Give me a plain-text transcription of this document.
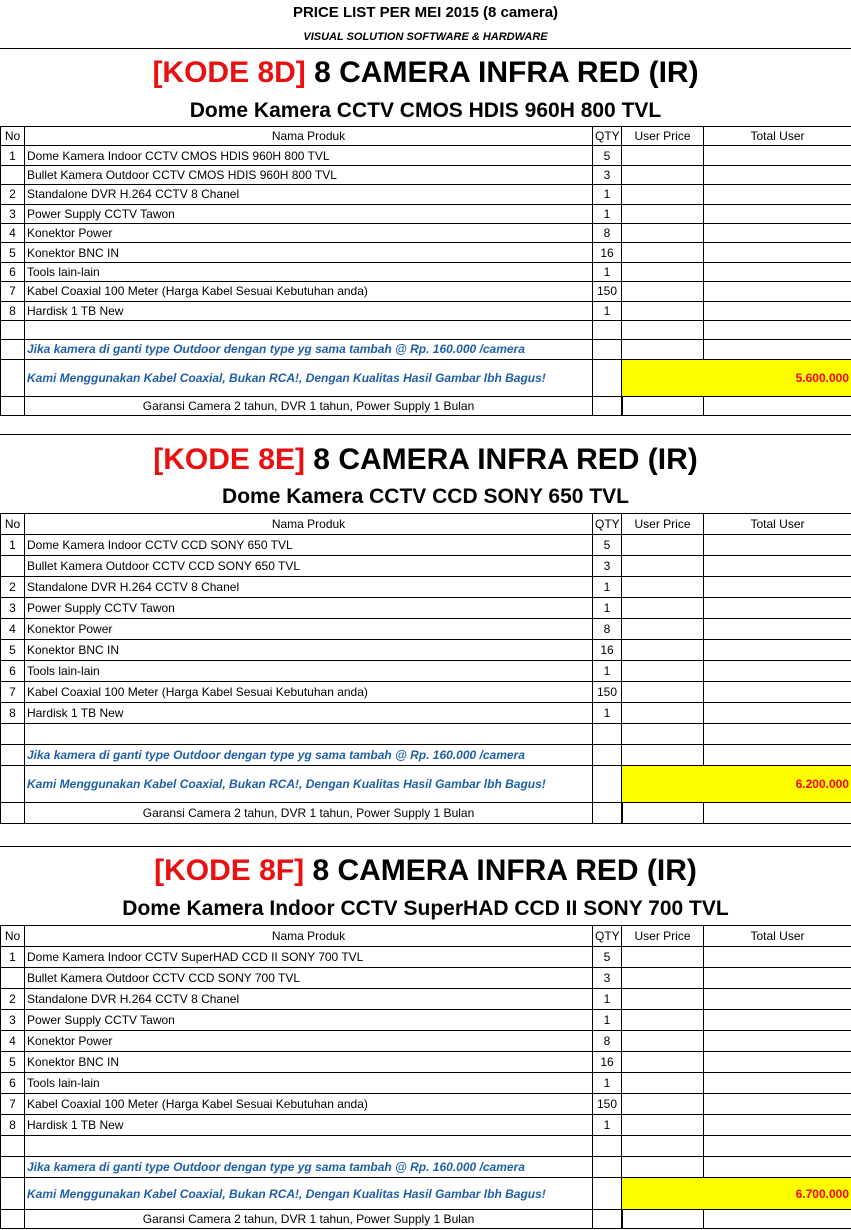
PRICE LIST PER MEI 2015 (8 camera)
VISUAL SOLUTION SOFTWARE & HARDWARE
[KODE 8D] 8 CAMERA INFRA RED (IR)
Dome Kamera CCTV CMOS HDIS 960H 800 TVL
No	Nama Produk	QTY	User Price	Total User
1	Dome Kamera Indoor CCTV CMOS HDIS 960H 800 TVL	5		
	Bullet Kamera Outdoor CCTV CMOS HDIS 960H 800 TVL	3		
2	Standalone DVR H.264 CCTV 8 Chanel	1		
3	Power Supply CCTV Tawon	1		
4	Konektor Power	8		
5	Konektor BNC IN	16		
6	Tools lain-lain	1		
7	Kabel Coaxial 100 Meter (Harga Kabel Sesuai Kebutuhan anda)	150		
8	Hardisk 1 TB New	1		

	Jika kamera di ganti type Outdoor dengan type yg sama tambah @ Rp. 160.000 /camera			
	Kami Menggunakan Kabel Coaxial, Bukan RCA!, Dengan Kualitas Hasil Gambar lbh Bagus!		5.600.000	
	Garansi Camera 2 tahun, DVR 1 tahun, Power Supply 1 Bulan			
[KODE 8E] 8 CAMERA INFRA RED (IR)
Dome Kamera CCTV CCD SONY 650 TVL
No	Nama Produk	QTY	User Price	Total User
1	Dome Kamera Indoor CCTV CCD SONY 650 TVL	5		
	Bullet Kamera Outdoor CCTV CCD SONY 650 TVL	3		
2	Standalone DVR H.264 CCTV 8 Chanel	1		
3	Power Supply CCTV Tawon	1		
4	Konektor Power	8		
5	Konektor BNC IN	16		
6	Tools lain-lain	1		
7	Kabel Coaxial 100 Meter (Harga Kabel Sesuai Kebutuhan anda)	150		
8	Hardisk 1 TB New	1		

	Jika kamera di ganti type Outdoor dengan type yg sama tambah @ Rp. 160.000 /camera			
	Kami Menggunakan Kabel Coaxial, Bukan RCA!, Dengan Kualitas Hasil Gambar lbh Bagus!		6.200.000	
	Garansi Camera 2 tahun, DVR 1 tahun, Power Supply 1 Bulan			
[KODE 8F] 8 CAMERA INFRA RED (IR)
Dome Kamera Indoor CCTV SuperHAD CCD II SONY 700 TVL
No	Nama Produk	QTY	User Price	Total User
1	Dome Kamera Indoor CCTV SuperHAD CCD II SONY 700 TVL	5		
	Bullet Kamera Outdoor CCTV CCD SONY 700 TVL	3		
2	Standalone DVR H.264 CCTV 8 Chanel	1		
3	Power Supply CCTV Tawon	1		
4	Konektor Power	8		
5	Konektor BNC IN	16		
6	Tools lain-lain	1		
7	Kabel Coaxial 100 Meter (Harga Kabel Sesuai Kebutuhan anda)	150		
8	Hardisk 1 TB New	1		

	Jika kamera di ganti type Outdoor dengan type yg sama tambah @ Rp. 160.000 /camera			
	Kami Menggunakan Kabel Coaxial, Bukan RCA!, Dengan Kualitas Hasil Gambar lbh Bagus!		6.700.000	
	Garansi Camera 2 tahun, DVR 1 tahun, Power Supply 1 Bulan			
